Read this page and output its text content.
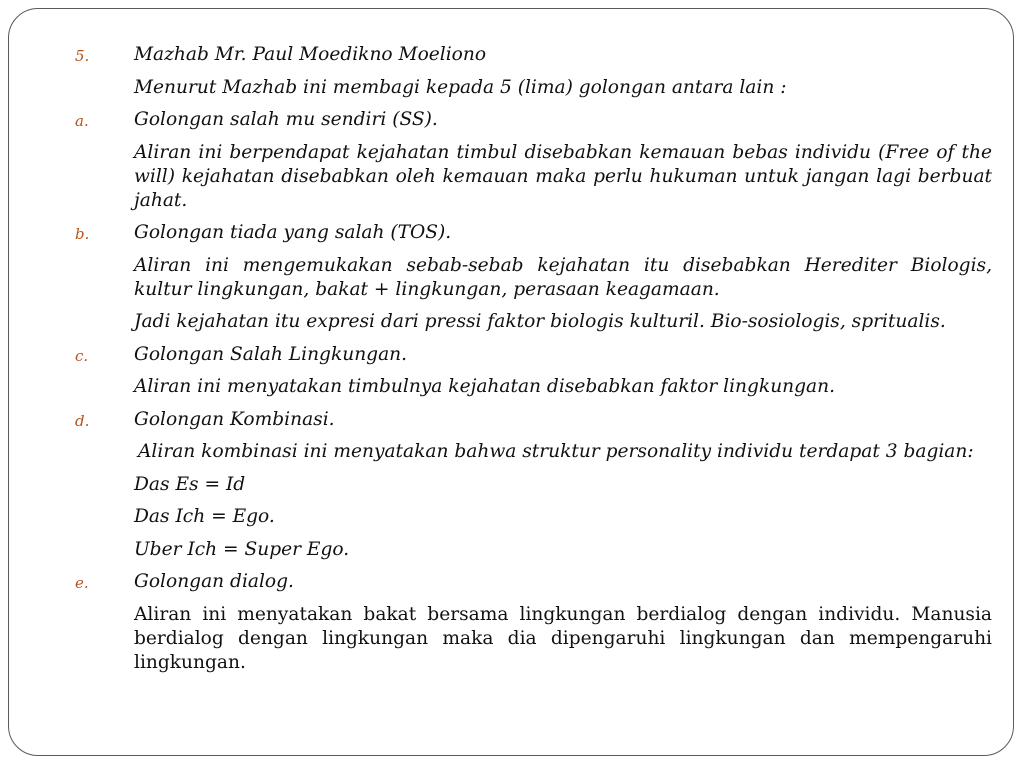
5. Mazhab Mr. Paul Moedikno Moeliono
Menurut Mazhab ini membagi kepada 5 (lima) golongan antara lain :
a. Golongan salah mu sendiri (SS).
Aliran ini berpendapat kejahatan timbul disebabkan kemauan bebas individu (Free of the will) kejahatan disebabkan oleh kemauan maka perlu hukuman untuk jangan lagi berbuat jahat.
b. Golongan tiada yang salah (TOS).
Aliran ini mengemukakan sebab-sebab kejahatan itu disebabkan Herediter Biologis, kultur lingkungan, bakat + lingkungan, perasaan keagamaan.
Jadi kejahatan itu expresi dari pressi faktor biologis kulturil. Bio-sosiologis, spritualis.
c. Golongan Salah Lingkungan.
Aliran ini menyatakan timbulnya kejahatan disebabkan faktor lingkungan.
d. Golongan Kombinasi.
Aliran kombinasi ini menyatakan bahwa struktur personality individu terdapat 3 bagian:
Das Es = Id
Das Ich = Ego.
Uber Ich = Super Ego.
e. Golongan dialog.
Aliran ini menyatakan bakat bersama lingkungan berdialog dengan individu. Manusia berdialog dengan lingkungan maka dia dipengaruhi lingkungan dan mempengaruhi lingkungan.
